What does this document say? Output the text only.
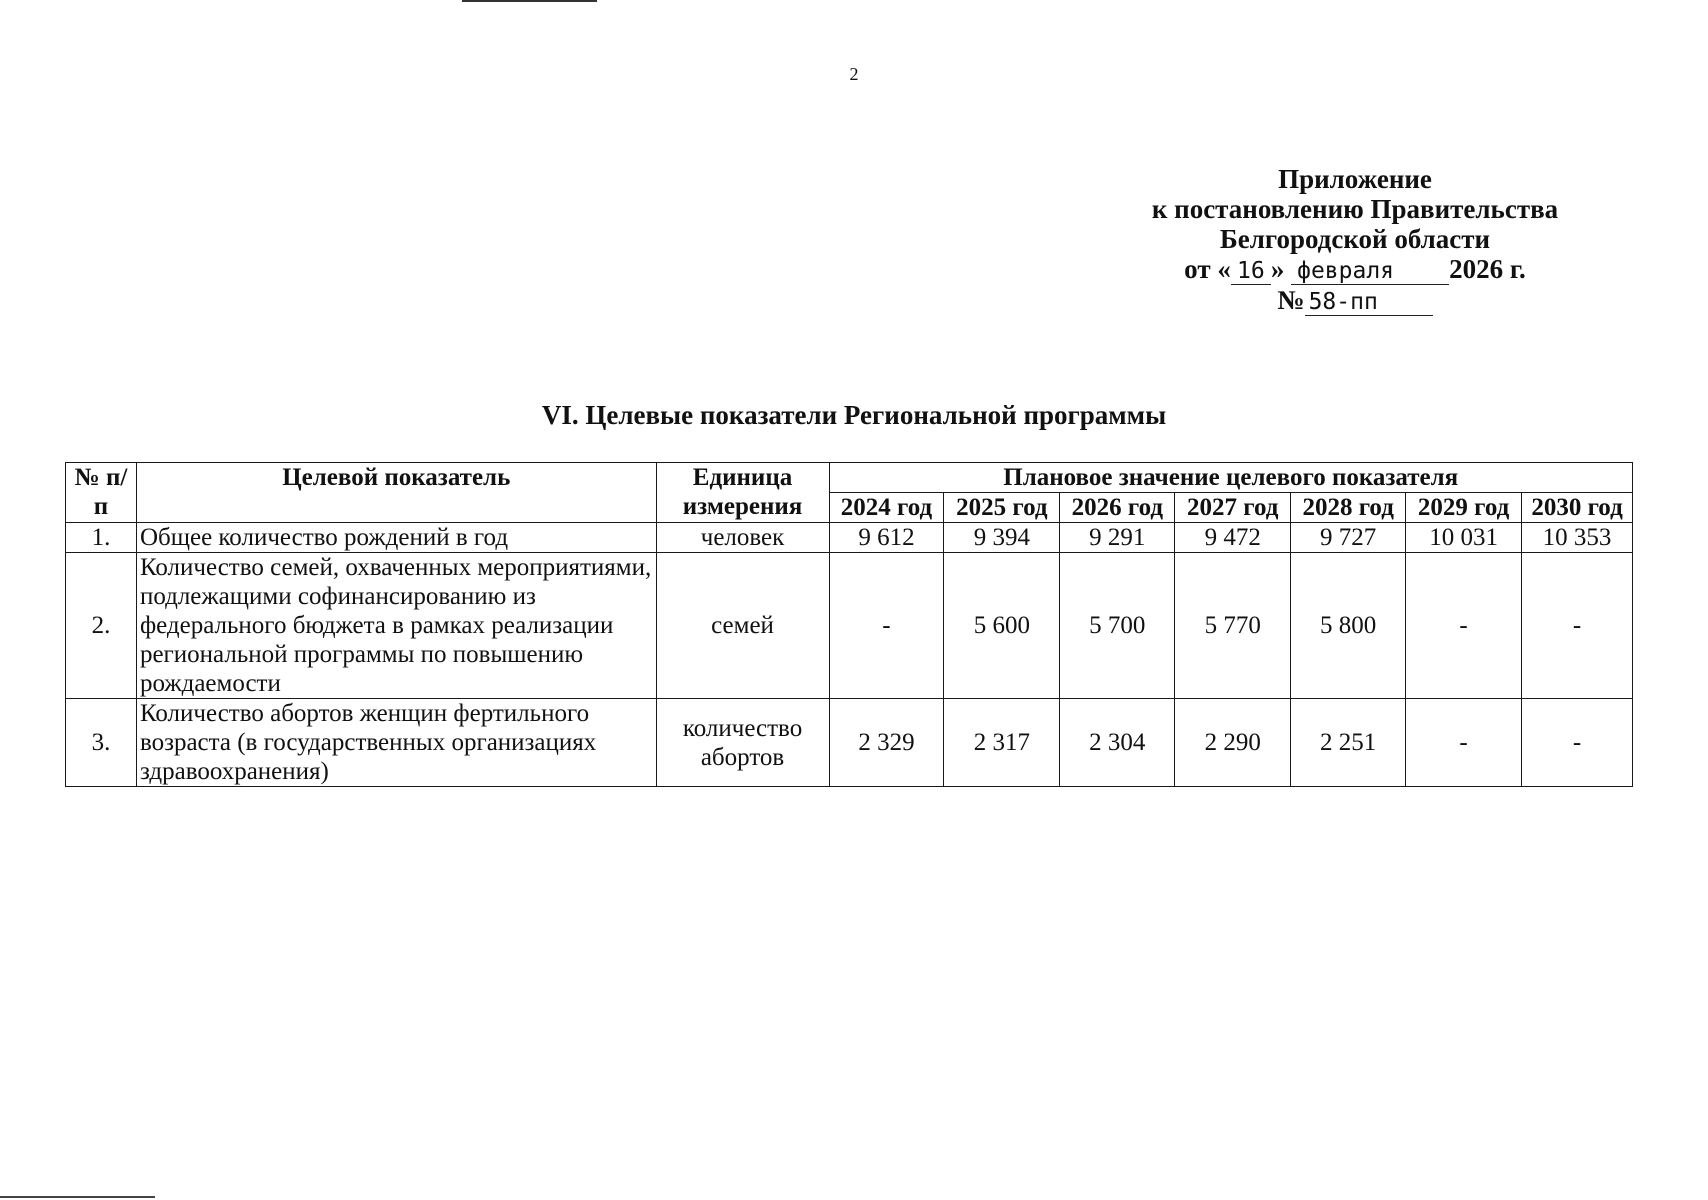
2
Приложение
к постановлению Правительства
Белгородской области
от « 16 » февраля 2026 г.
№ 58-пп
VI. Целевые показатели Региональной программы
№ п/п	Целевой показатель	Единица измерения	Плановое значение целевого показателя						
			2024 год	2025 год	2026 год	2027 год	2028 год	2029 год	2030 год
1.	Общее количество рождений в год	человек	9 612	9 394	9 291	9 472	9 727	10 031	10 353
2.	Количество семей, охваченных мероприятиями, подлежащими софинансированию из федерального бюджета в рамках реализации региональной программы по повышению рождаемости	семей	-	5 600	5 700	5 770	5 800	-	-
3.	Количество абортов женщин фертильного возраста (в государственных организациях здравоохранения)	количество абортов	2 329	2 317	2 304	2 290	2 251	-	-
